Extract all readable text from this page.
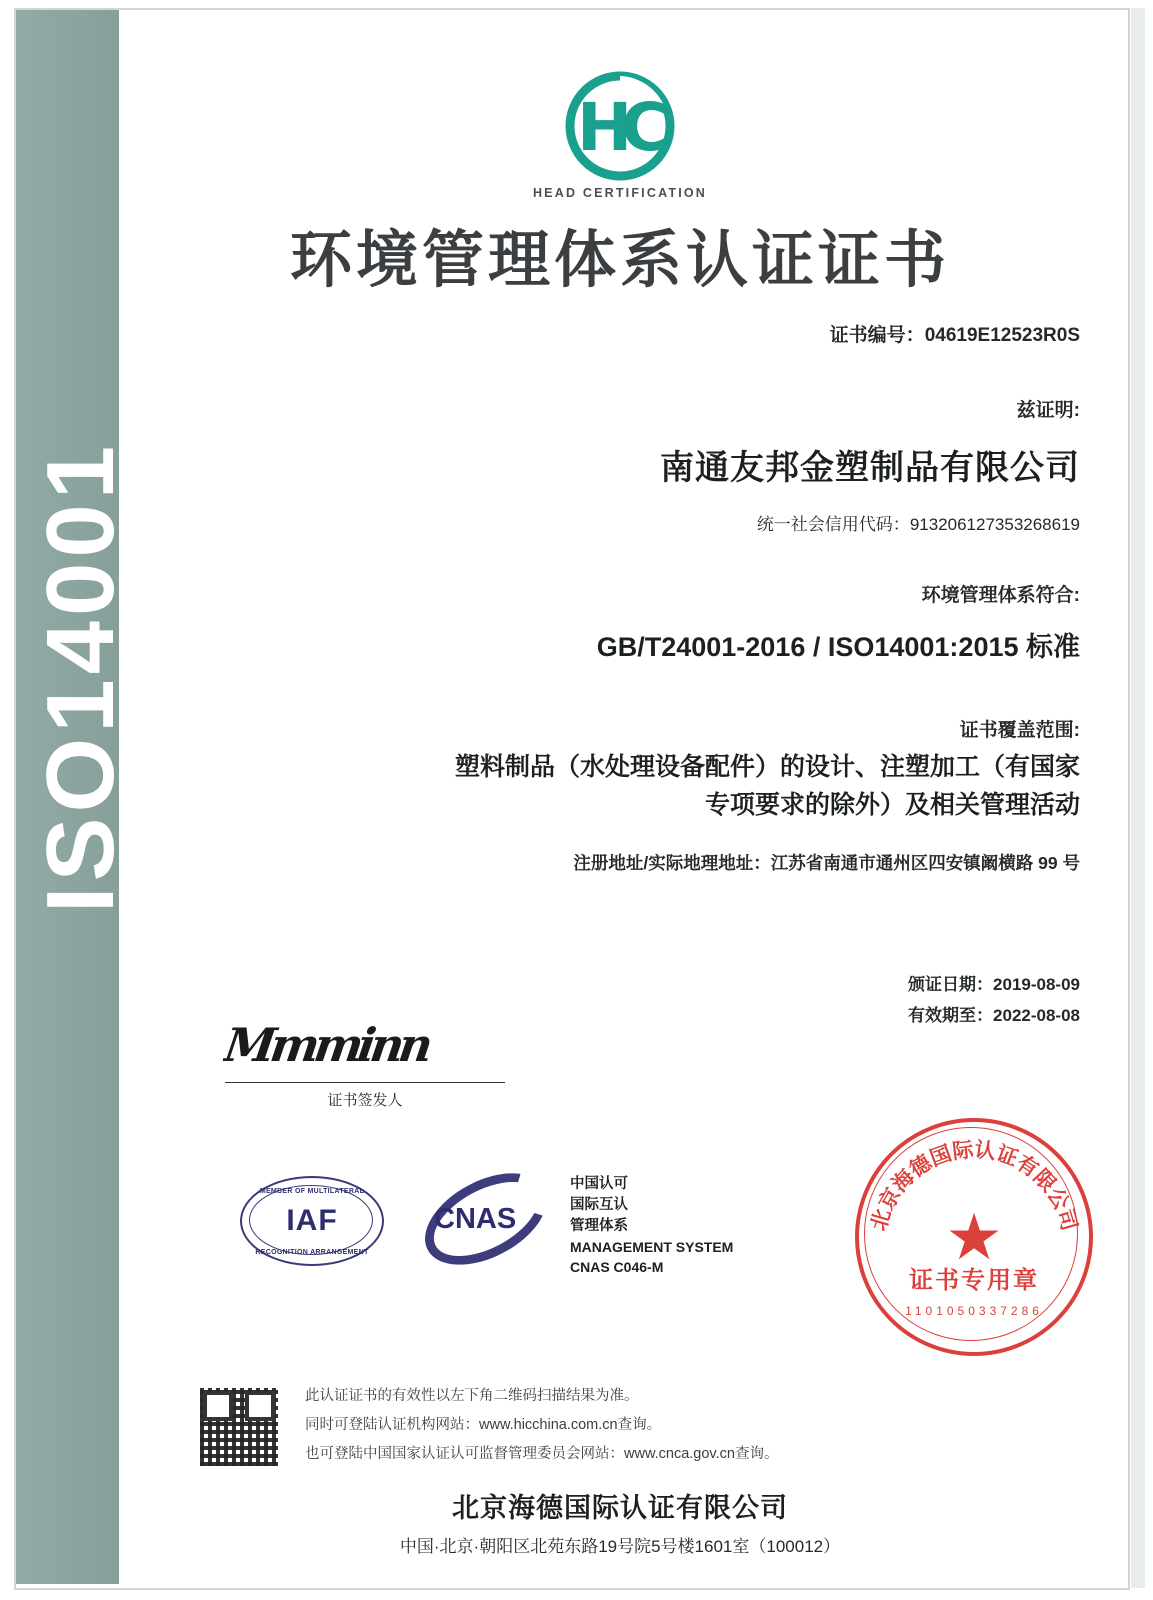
ISO14001
H
C
HEAD CERTIFICATION
环境管理体系认证证书
证书编号：04619E12523R0S
兹证明:
南通友邦金塑制品有限公司
统一社会信用代码：913206127353268619
环境管理体系符合:
GB/T24001-2016 / ISO14001:2015 标准
证书覆盖范围:
塑料制品（水处理设备配件）的设计、注塑加工（有国家
专项要求的除外）及相关管理活动
注册地址/实际地理地址：江苏省南通市通州区四安镇阚横路 99 号
颁证日期：2019-08-09
有效期至：2022-08-08
Mmminn
证书签发人
MEMBER OF MULTILATERAL
IAF
RECOGNITION ARRANGEMENT
CNAS
中国认可
国际互认
管理体系
MANAGEMENT SYSTEM
CNAS C046-M
北京海德国际认证有限公司
★
证书专用章
1101050337286
此认证证书的有效性以左下角二维码扫描结果为准。
同时可登陆认证机构网站：www.hicchina.com.cn查询。
也可登陆中国国家认证认可监督管理委员会网站：www.cnca.gov.cn查询。
北京海德国际认证有限公司
中国·北京·朝阳区北苑东路19号院5号楼1601室（100012）
